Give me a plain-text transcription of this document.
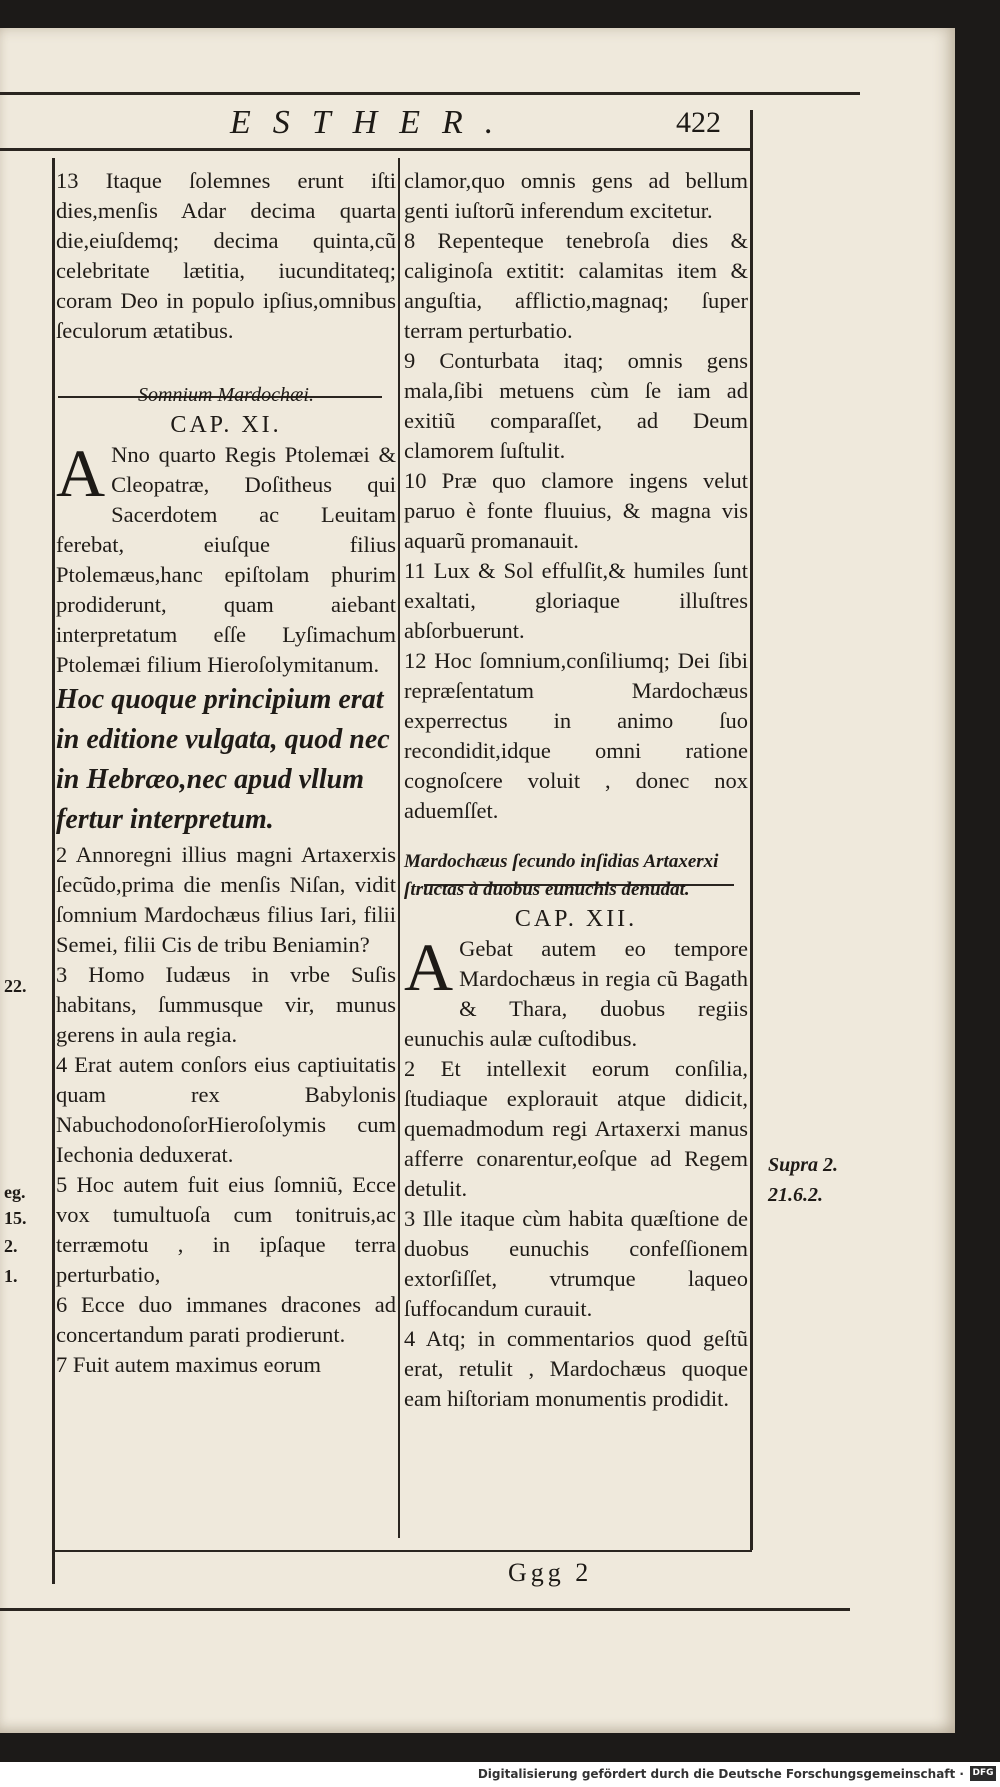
ESTHER.	422

13 Itaque ſolemnes erunt iſti dies,menſis Adar decima quarta die,eiuſdemq; decima quinta,cũ celebritate lætitia, iucunditateq; coram Deo in populo ipſius,omnibus ſeculorum ætatibus.

Somnium Mardochæi.

CAP. XI.

A Nno quarto Regis Ptolemæi & Cleopatræ, Doſitheus qui Sacerdotem ac Leuitam ferebat, eiuſque filius Ptolemæus,hanc epiſtolam phurim prodiderunt, quam aiebant interpretatum eſſe Lyſimachum Ptolemæi filium Hieroſolymitanum.

Hoc quoque principium erat in editione vulgata, quod nec in Hebræo,nec apud vllum fertur interpretum.

2 Annoregni illius magni Artaxerxis ſecũdo,prima die menſis Niſan, vidit ſomnium Mardochæus filius Iari, filii Semei, filii Cis de tribu Beniamin?

3 Homo Iudæus in vrbe Suſis habitans, ſummusque vir, munus gerens in aula regia.

4 Erat autem conſors eius captiuitatis quam rex Babylonis NabuchodonoſorHieroſolymis cum Iechonia deduxerat.

5 Hoc autem fuit eius ſomniũ, Ecce vox tumultuoſa cum tonitruis,ac terræmotu , in ipſaque terra perturbatio,

6 Ecce duo immanes dracones ad concertandum parati prodierunt.

7 Fuit autem maximus eorum

clamor,quo omnis gens ad bellum genti iuſtorũ inferendum excitetur.

8 Repenteque tenebroſa dies & caliginoſa extitit: calamitas item & anguſtia, afflictio,magnaq; ſuper terram perturbatio.

9 Conturbata itaq; omnis gens mala,ſibi metuens cùm ſe iam ad exitiũ comparaſſet, ad Deum clamorem ſuſtulit.

10 Præ quo clamore ingens velut paruo è fonte fluuius, & magna vis aquarũ promanauit.

11 Lux & Sol effulſit,& humiles ſunt exaltati, gloriaque illuſtres abſorbuerunt.

12 Hoc ſomnium,conſiliumq; Dei ſibi repræſentatum Mardochæus experrectus in animo ſuo recondidit,idque omni ratione cognoſcere voluit , donec nox aduemſſet.

Mardochæus ſecundo inſidias Artaxerxi ſtructas à duobus eunuchis denudat.

CAP. XII.

A Gebat autem eo tempore Mardochæus in regia cũ Bagath & Thara, duobus regiis eunuchis aulæ cuſtodibus.

2 Et intellexit eorum conſilia, ſtudiaque explorauit atque didicit, quemadmodum regi Artaxerxi manus afferre conarentur,eoſque ad Regem detulit.

3 Ille itaque cùm habita quæſtione de duobus eunuchis confeſſionem extorſiſſet, vtrumque laqueo ſuffocandum curauit.

4 Atq; in commentarios quod geſtũ erat, retulit , Mardochæus quoque eam hiſtoriam monumentis prodidit.

Supra 2.
21.6.2.
22.
eg.
15.
2.
1.
Ggg 2
Digitalisierung gefördert durch die Deutsche Forschungsgemeinschaft · DFG
